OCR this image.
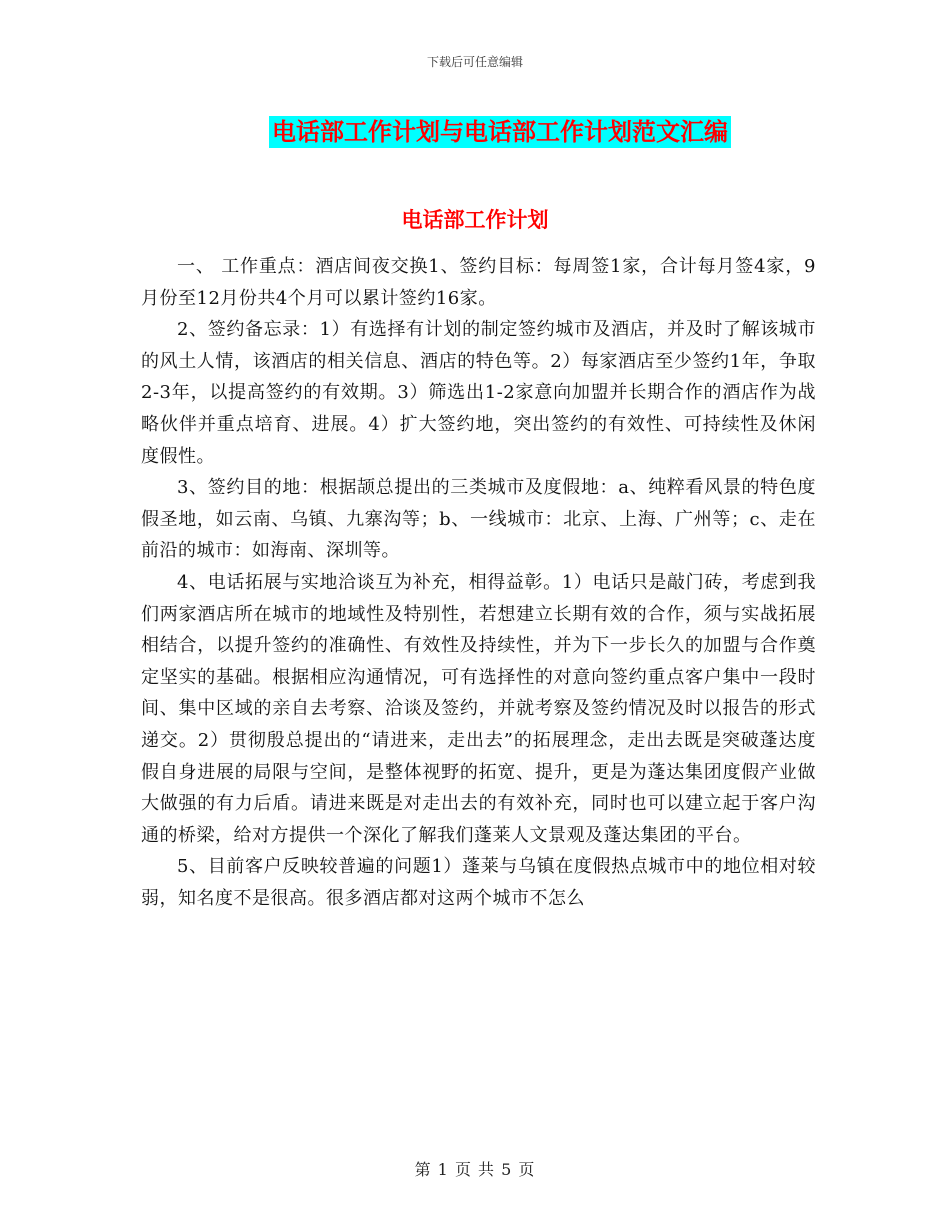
下载后可任意编辑
电话部工作计划与电话部工作计划范文汇编
电话部工作计划

一、 工作重点：酒店间夜交换1、签约目标：每周签1家，合计每月签4家，9月份至12月份共4个月可以累计签约16家。

2、签约备忘录：1）有选择有计划的制定签约城市及酒店，并及时了解该城市的风土人情，该酒店的相关信息、酒店的特色等。2）每家酒店至少签约1年，争取2-3年，以提高签约的有效期。3）筛选出1-2家意向加盟并长期合作的酒店作为战略伙伴并重点培育、进展。4）扩大签约地，突出签约的有效性、可持续性及休闲度假性。

3、签约目的地：根据颉总提出的三类城市及度假地：a、纯粹看风景的特色度假圣地，如云南、乌镇、九寨沟等；b、一线城市：北京、上海、广州等；c、走在前沿的城市：如海南、深圳等。

4、电话拓展与实地洽谈互为补充，相得益彰。1）电话只是敲门砖，考虑到我们两家酒店所在城市的地域性及特别性，若想建立长期有效的合作，须与实战拓展相结合，以提升签约的准确性、有效性及持续性，并为下一步长久的加盟与合作奠定坚实的基础。根据相应沟通情况，可有选择性的对意向签约重点客户集中一段时间、集中区域的亲自去考察、洽谈及签约，并就考察及签约情况及时以报告的形式递交。2）贯彻殷总提出的“请进来，走出去”的拓展理念，走出去既是突破蓬达度假自身进展的局限与空间，是整体视野的拓宽、提升，更是为蓬达集团度假产业做大做强的有力后盾。请进来既是对走出去的有效补充，同时也可以建立起于客户沟通的桥梁，给对方提供一个深化了解我们蓬莱人文景观及蓬达集团的平台。

5、目前客户反映较普遍的问题1）蓬莱与乌镇在度假热点城市中的地位相对较弱，知名度不是很高。很多酒店都对这两个城市不怎么

第 1 页 共 5 页
